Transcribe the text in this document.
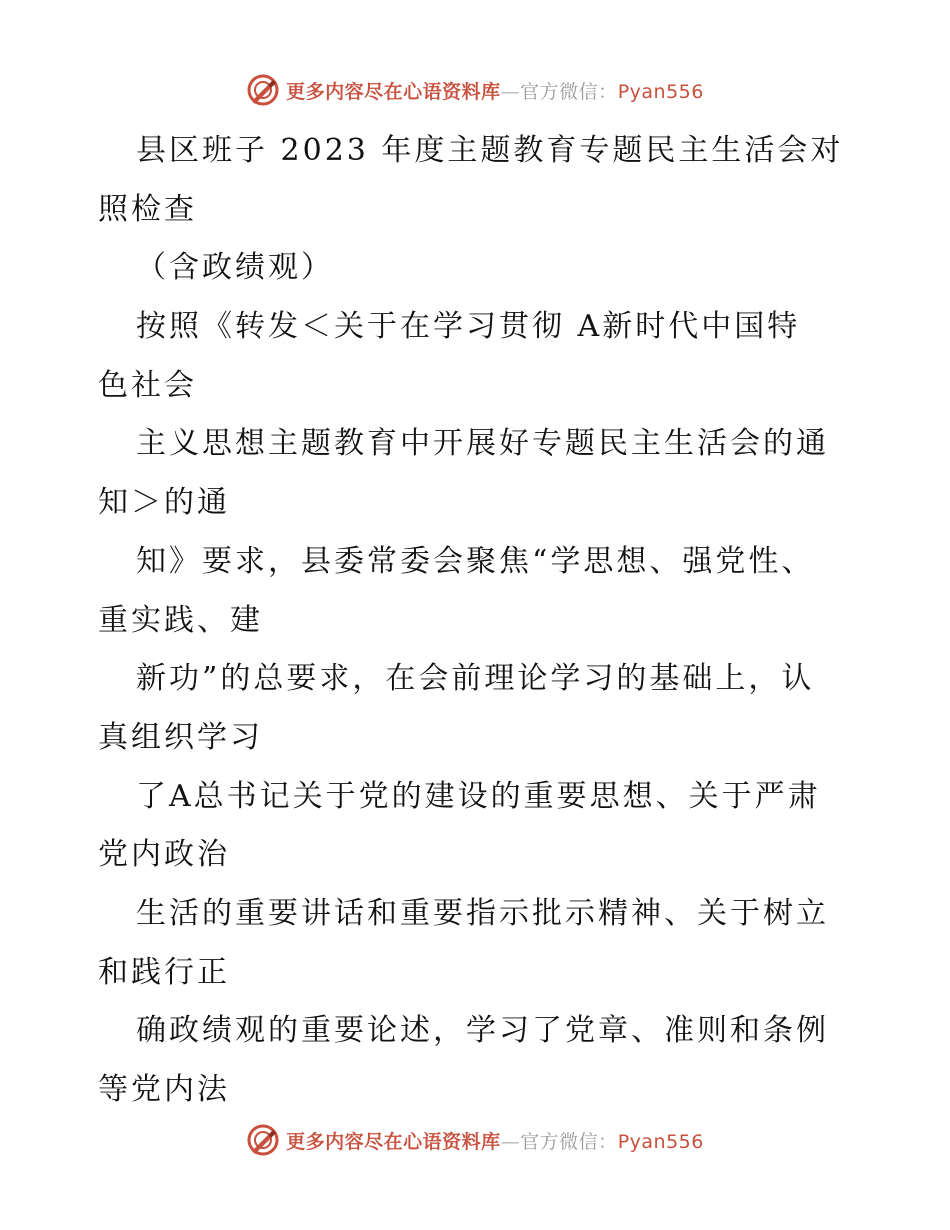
更多内容尽在心语资料库—官方微信：Pyan556
县区班子 2023 年度主题教育专题民主生活会对
照检查
（含政绩观）
按照《转发＜关于在学习贯彻 A新时代中国特
色社会
主义思想主题教育中开展好专题民主生活会的通
知＞的通
知》要求，县委常委会聚焦“学思想、强党性、
重实践、建
新功”的总要求，在会前理论学习的基础上，认
真组织学习
了A总书记关于党的建设的重要思想、关于严肃
党内政治
生活的重要讲话和重要指示批示精神、关于树立
和践行正
确政绩观的重要论述，学习了党章、准则和条例
等党内法
更多内容尽在心语资料库—官方微信：Pyan556
